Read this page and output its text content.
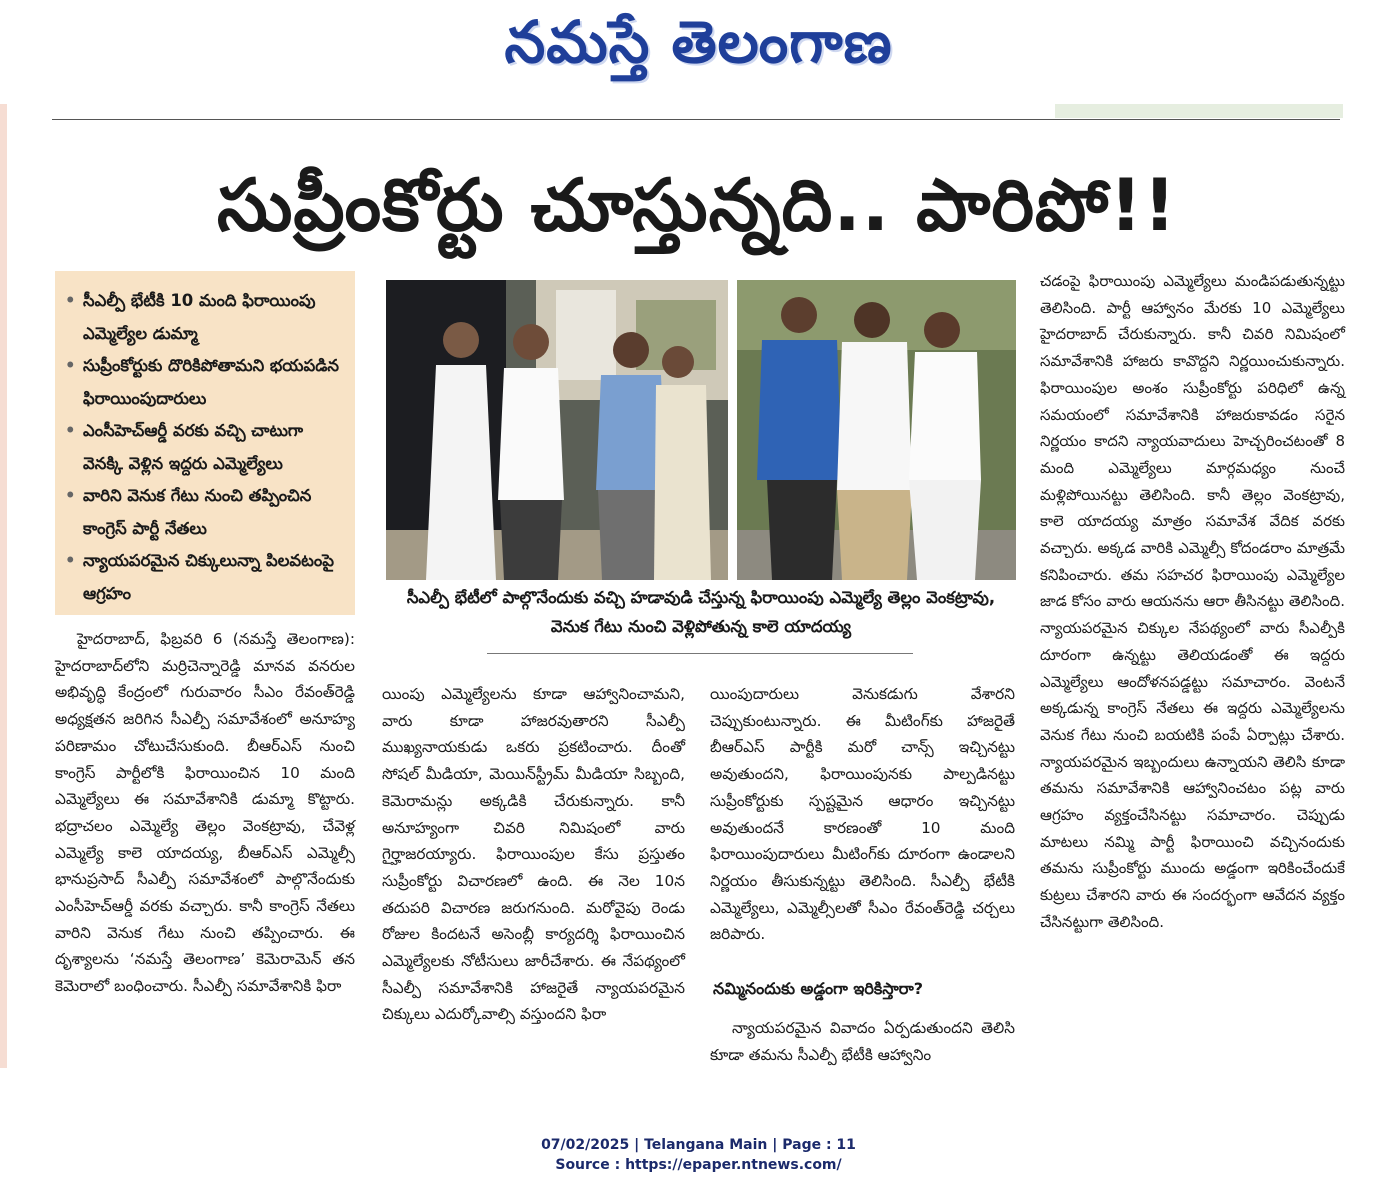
నమస్తే తెలంగాణ
సుప్రీంకోర్టు చూస్తున్నది.. పారిపో!!
• సీఎల్పీ భేటీకి 10 మంది ఫిరాయింపు ఎమ్మెల్యేల డుమ్మా
• సుప్రీంకోర్టుకు దొరికిపోతామని భయపడిన ఫిరాయింపుదారులు
• ఎంసీహెచ్‌ఆర్డీ వరకు వచ్చి చాటుగా వెనక్కి వెళ్లిన ఇద్దరు ఎమ్మెల్యేలు
• వారిని వెనుక గేటు నుంచి తప్పించిన కాంగ్రెస్ పార్టీ నేతలు
• న్యాయపరమైన చిక్కులున్నా పిలవటంపై ఆగ్రహం	సీఎల్పీ భేటీలో పాల్గొనేందుకు వచ్చి హడావుడి చేస్తున్న ఫిరాయింపు ఎమ్మెల్యే తెల్లం వెంకట్రావు, వెనుక గేటు నుంచి వెళ్లిపోతున్న కాలె యాదయ్య

హైదరాబాద్, ఫిబ్రవరి 6 (నమస్తే తెలంగాణ): హైదరాబాద్‌లోని మర్రిచెన్నారెడ్డి మానవ వనరుల అభివృద్ధి కేంద్రంలో గురువారం సీఎం రేవంత్‌రెడ్డి అధ్యక్షతన జరిగిన సీఎల్పీ సమావేశంలో అనూహ్య పరిణామం చోటుచేసుకుంది. బీఆర్‌ఎస్ నుంచి కాంగ్రెస్ పార్టీలోకి ఫిరాయించిన 10 మంది ఎమ్మెల్యేలు ఈ సమావేశానికి డుమ్మా కొట్టారు. భద్రాచలం ఎమ్మెల్యే తెల్లం వెంకట్రావు, చేవెళ్ల ఎమ్మెల్యే కాలె యాదయ్య, బీఆర్‌ఎస్ ఎమ్మెల్సీ భానుప్రసాద్ సీఎల్పీ సమావేశంలో పాల్గొనేందుకు ఎంసీహెచ్‌ఆర్డీ వరకు వచ్చారు. కానీ కాంగ్రెస్ నేతలు వారిని వెనుక గేటు నుంచి తప్పించారు. ఈ దృశ్యాలను ‘నమస్తే తెలంగాణ’ కెమెరామెన్ తన కెమెరాలో బంధించారు. సీఎల్పీ సమావేశానికి ఫిరా

యింపు ఎమ్మెల్యేలను కూడా ఆహ్వానించామని, వారు కూడా హాజరవుతారని సీఎల్పీ ముఖ్యనాయకుడు ఒకరు ప్రకటించారు. దీంతో సోషల్ మీడియా, మెయిన్‌స్ట్రీమ్ మీడియా సిబ్బంది, కెమెరామన్లు అక్కడికి చేరుకున్నారు. కానీ అనూహ్యంగా చివరి నిమిషంలో వారు గైర్హాజరయ్యారు. ఫిరాయింపుల కేసు ప్రస్తుతం సుప్రీంకోర్టు విచారణలో ఉంది. ఈ నెల 10న తదుపరి విచారణ జరుగనుంది. మరోవైపు రెండు రోజుల కిందటనే అసెంబ్లీ కార్యదర్శి ఫిరాయించిన ఎమ్మెల్యేలకు నోటీసులు జారీచేశారు. ఈ నేపథ్యంలో సీఎల్పీ సమావేశానికి హాజరైతే న్యాయపరమైన చిక్కులు ఎదుర్కోవాల్సి వస్తుందని ఫిరా

యింపుదారులు వెనుకడుగు వేశారని చెప్పుకుంటున్నారు. ఈ మీటింగ్‌కు హాజరైతే బీఆర్‌ఎస్ పార్టీకి మరో చాన్స్ ఇచ్చినట్టు అవుతుందని, ఫిరాయింపునకు పాల్పడినట్టు సుప్రీంకోర్టుకు స్పష్టమైన ఆధారం ఇచ్చినట్టు అవుతుందనే కారణంతో 10 మంది ఫిరాయింపుదారులు మీటింగ్‌కు దూరంగా ఉండాలని నిర్ణయం తీసుకున్నట్టు తెలిసింది. సీఎల్పీ భేటీకి ఎమ్మెల్యేలు, ఎమ్మెల్సీలతో సీఎం రేవంత్‌రెడ్డి చర్చలు జరిపారు.

నమ్మినందుకు అడ్డంగా ఇరికిస్తారా?

న్యాయపరమైన వివాదం ఏర్పడుతుందని తెలిసి కూడా తమను సీఎల్పీ భేటీకి ఆహ్వానిం

చడంపై ఫిరాయింపు ఎమ్మెల్యేలు మండిపడుతున్నట్టు తెలిసింది. పార్టీ ఆహ్వానం మేరకు 10 ఎమ్మెల్యేలు హైదరాబాద్ చేరుకున్నారు. కానీ చివరి నిమిషంలో సమావేశానికి హాజరు కావొద్దని నిర్ణయించుకున్నారు. ఫిరాయింపుల అంశం సుప్రీంకోర్టు పరిధిలో ఉన్న సమయంలో సమావేశానికి హాజరుకావడం సరైన నిర్ణయం కాదని న్యాయవాదులు హెచ్చరించటంతో 8 మంది ఎమ్మెల్యేలు మార్గమధ్యం నుంచే మళ్లిపోయినట్టు తెలిసింది. కానీ తెల్లం వెంకట్రావు, కాలె యాదయ్య మాత్రం సమావేశ వేదిక వరకు వచ్చారు. అక్కడ వారికి ఎమ్మెల్సీ కోదండరాం మాత్రమే కనిపించారు. తమ సహచర ఫిరాయింపు ఎమ్మెల్యేల జాడ కోసం వారు ఆయనను ఆరా తీసినట్టు తెలిసింది. న్యాయపరమైన చిక్కుల నేపథ్యంలో వారు సీఎల్పీకి దూరంగా ఉన్నట్టు తెలియడంతో ఈ ఇద్దరు ఎమ్మెల్యేలు ఆందోళనపడ్డట్టు సమాచారం. వెంటనే అక్కడున్న కాంగ్రెస్ నేతలు ఈ ఇద్దరు ఎమ్మెల్యేలను వెనుక గేటు నుంచి బయటికి పంపే ఏర్పాట్లు చేశారు. న్యాయపరమైన ఇబ్బందులు ఉన్నాయని తెలిసి కూడా తమను సమావేశానికి ఆహ్వానించటం పట్ల వారు ఆగ్రహం వ్యక్తంచేసినట్టు సమాచారం. చెప్పుడు మాటలు నమ్మి పార్టీ ఫిరాయించి వచ్చినందుకు తమను సుప్రీంకోర్టు ముందు అడ్డంగా ఇరికించేందుకే కుట్రలు చేశారని వారు ఈ సందర్భంగా ఆవేదన వ్యక్తం చేసినట్టుగా తెలిసింది.

07/02/2025 | Telangana Main | Page : 11
Source : https://epaper.ntnews.com/
